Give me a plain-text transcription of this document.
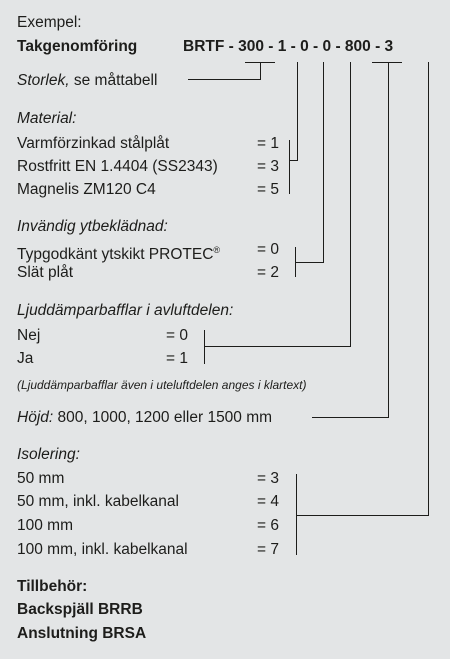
Exempel:
Takgenomföring	BRTF - 300 - 1 - 0 - 0 - 800 - 3
Storlek, se måttabell
Material:
Varmförzinkad stålplåt	= 1
Rostfritt EN 1.4404 (SS2343)	= 3
Magnelis ZM120 C4	= 5
Invändig ytbeklädnad:
Typgodkänt ytskikt PROTEC® = 0
Slät plåt	= 2
Ljuddämparbafflar i avluftdelen:
Nej	= 0
Ja	= 1
(Ljuddämparbafflar även i uteluftdelen anges i klartext)
Höjd: 800, 1000, 1200 eller 1500 mm
Isolering:
50 mm	= 3
50 mm, inkl. kabelkanal	= 4
100 mm	= 6
100 mm, inkl. kabelkanal	= 7
Tillbehör:
Backspjäll BRRB
Anslutning BRSA
